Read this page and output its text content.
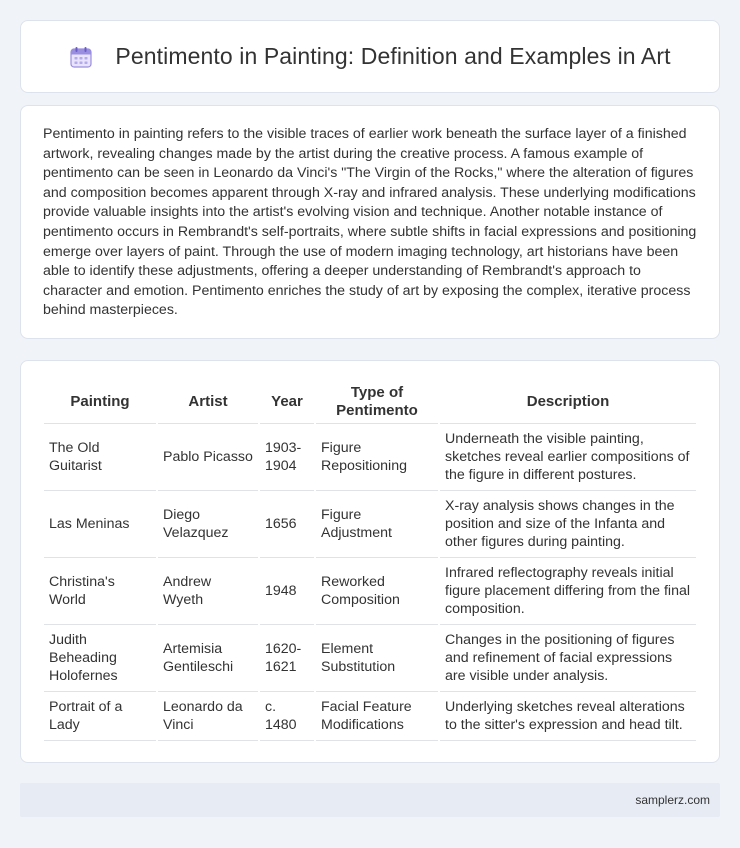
Pentimento in Painting: Definition and Examples in Art

Pentimento in painting refers to the visible traces of earlier work beneath the surface layer of a finished artwork, revealing changes made by the artist during the creative process. A famous example of pentimento can be seen in Leonardo da Vinci's "The Virgin of the Rocks," where the alteration of figures and composition becomes apparent through X-ray and infrared analysis. These underlying modifications provide valuable insights into the artist's evolving vision and technique. Another notable instance of pentimento occurs in Rembrandt's self-portraits, where subtle shifts in facial expressions and positioning emerge over layers of paint. Through the use of modern imaging technology, art historians have been able to identify these adjustments, offering a deeper understanding of Rembrandt's approach to character and emotion. Pentimento enriches the study of art by exposing the complex, iterative process behind masterpieces.

Painting	Artist	Year	Type of Pentimento	Description
The Old Guitarist	Pablo Picasso	1903-1904	Figure Repositioning	Underneath the visible painting, sketches reveal earlier compositions of the figure in different postures.
Las Meninas	Diego Velazquez	1656	Figure Adjustment	X-ray analysis shows changes in the position and size of the Infanta and other figures during painting.
Christina's World	Andrew Wyeth	1948	Reworked Composition	Infrared reflectography reveals initial figure placement differing from the final composition.
Judith Beheading Holofernes	Artemisia Gentileschi	1620-1621	Element Substitution	Changes in the positioning of figures and refinement of facial expressions are visible under analysis.
Portrait of a Lady	Leonardo da Vinci	c. 1480	Facial Feature Modifications	Underlying sketches reveal alterations to the sitter's expression and head tilt.
samplerz.com
